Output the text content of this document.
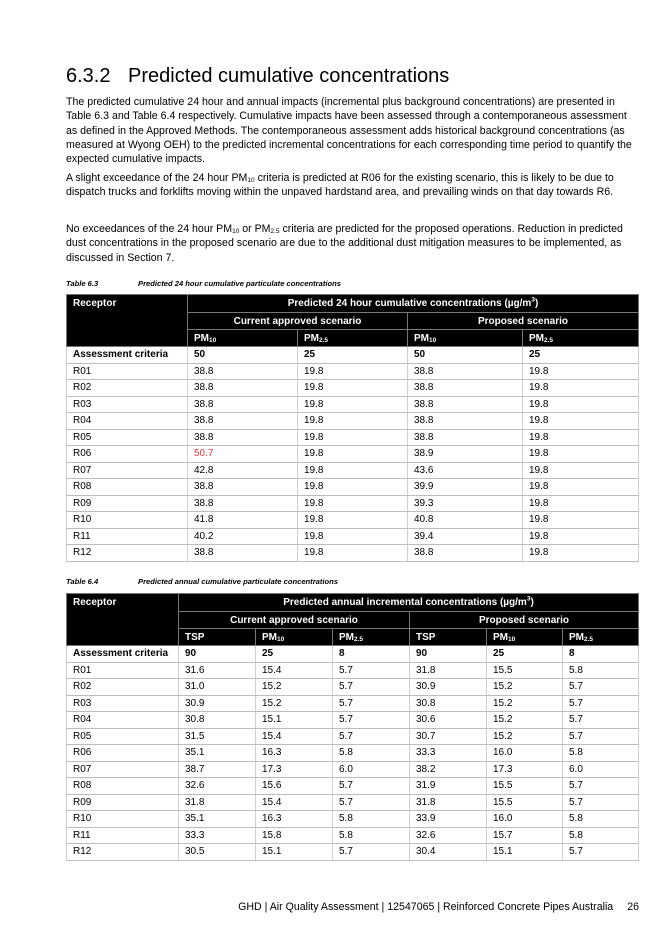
6.3.2 Predicted cumulative concentrations

The predicted cumulative 24 hour and annual impacts (incremental plus background concentrations) are presented in Table 6.3 and Table 6.4 respectively. Cumulative impacts have been assessed through a contemporaneous assessment as defined in the Approved Methods. The contemporaneous assessment adds historical background concentrations (as measured at Wyong OEH) to the predicted incremental concentrations for each corresponding time period to quantify the expected cumulative impacts.

A slight exceedance of the 24 hour $PM_{10}$ criteria is predicted at R06 for the existing scenario, this is likely to be due to dispatch trucks and forklifts moving within the unpaved hardstand area, and prevailing winds on that day towards R6.

No exceedances of the 24 hour $PM_{10}$ or $PM_{2.5}$ criteria are predicted for the proposed operations. Reduction in predicted dust concentrations in the proposed scenario are due to the additional dust mitigation measures to be implemented, as discussed in Section 7.

Table 6.3	Predicted 24 hour cumulative particulate concentrations

Receptor	Predicted 24 hour cumulative concentrations $(\mu g/m^3)$			
	Current approved scenario		Proposed scenario	
	$PM_{10}$	$PM_{2.5}$	$PM_{10}$	$PM_{2.5}$
Assessment criteria	50	25	50	25
R01	38.8	19.8	38.8	19.8
R02	38.8	19.8	38.8	19.8
R03	38.8	19.8	38.8	19.8
R04	38.8	19.8	38.8	19.8
R05	38.8	19.8	38.8	19.8
R06	50.7	19.8	38.9	19.8
R07	42.8	19.8	43.6	19.8
R08	38.8	19.8	39.9	19.8
R09	38.8	19.8	39.3	19.8
R10	41.8	19.8	40.8	19.8
R11	40.2	19.8	39.4	19.8
R12	38.8	19.8	38.8	19.8

Table 6.4	Predicted annual cumulative particulate concentrations

Receptor	Predicted annual incremental concentrations $(\mu g/m^3)$					
	Current approved scenario			Proposed scenario		
	TSP	$PM_{10}$	$PM_{2.5}$	TSP	$PM_{10}$	$PM_{2.5}$
Assessment criteria	90	25	8	90	25	8
R01	31.6	15.4	5.7	31.8	15.5	5.8
R02	31.0	15.2	5.7	30.9	15.2	5.7
R03	30.9	15.2	5.7	30.8	15.2	5.7
R04	30.8	15.1	5.7	30.6	15.2	5.7
R05	31.5	15.4	5.7	30.7	15.2	5.7
R06	35.1	16.3	5.8	33.3	16.0	5.8
R07	38.7	17.3	6.0	38.2	17.3	6.0
R08	32.6	15.6	5.7	31.9	15.5	5.7
R09	31.8	15.4	5.7	31.8	15.5	5.7
R10	35.1	16.3	5.8	33.9	16.0	5.8
R11	33.3	15.8	5.8	32.6	15.7	5.8
R12	30.5	15.1	5.7	30.4	15.1	5.7
GHD | Air Quality Assessment | 12547065 | Reinforced Concrete Pipes Australia 26
